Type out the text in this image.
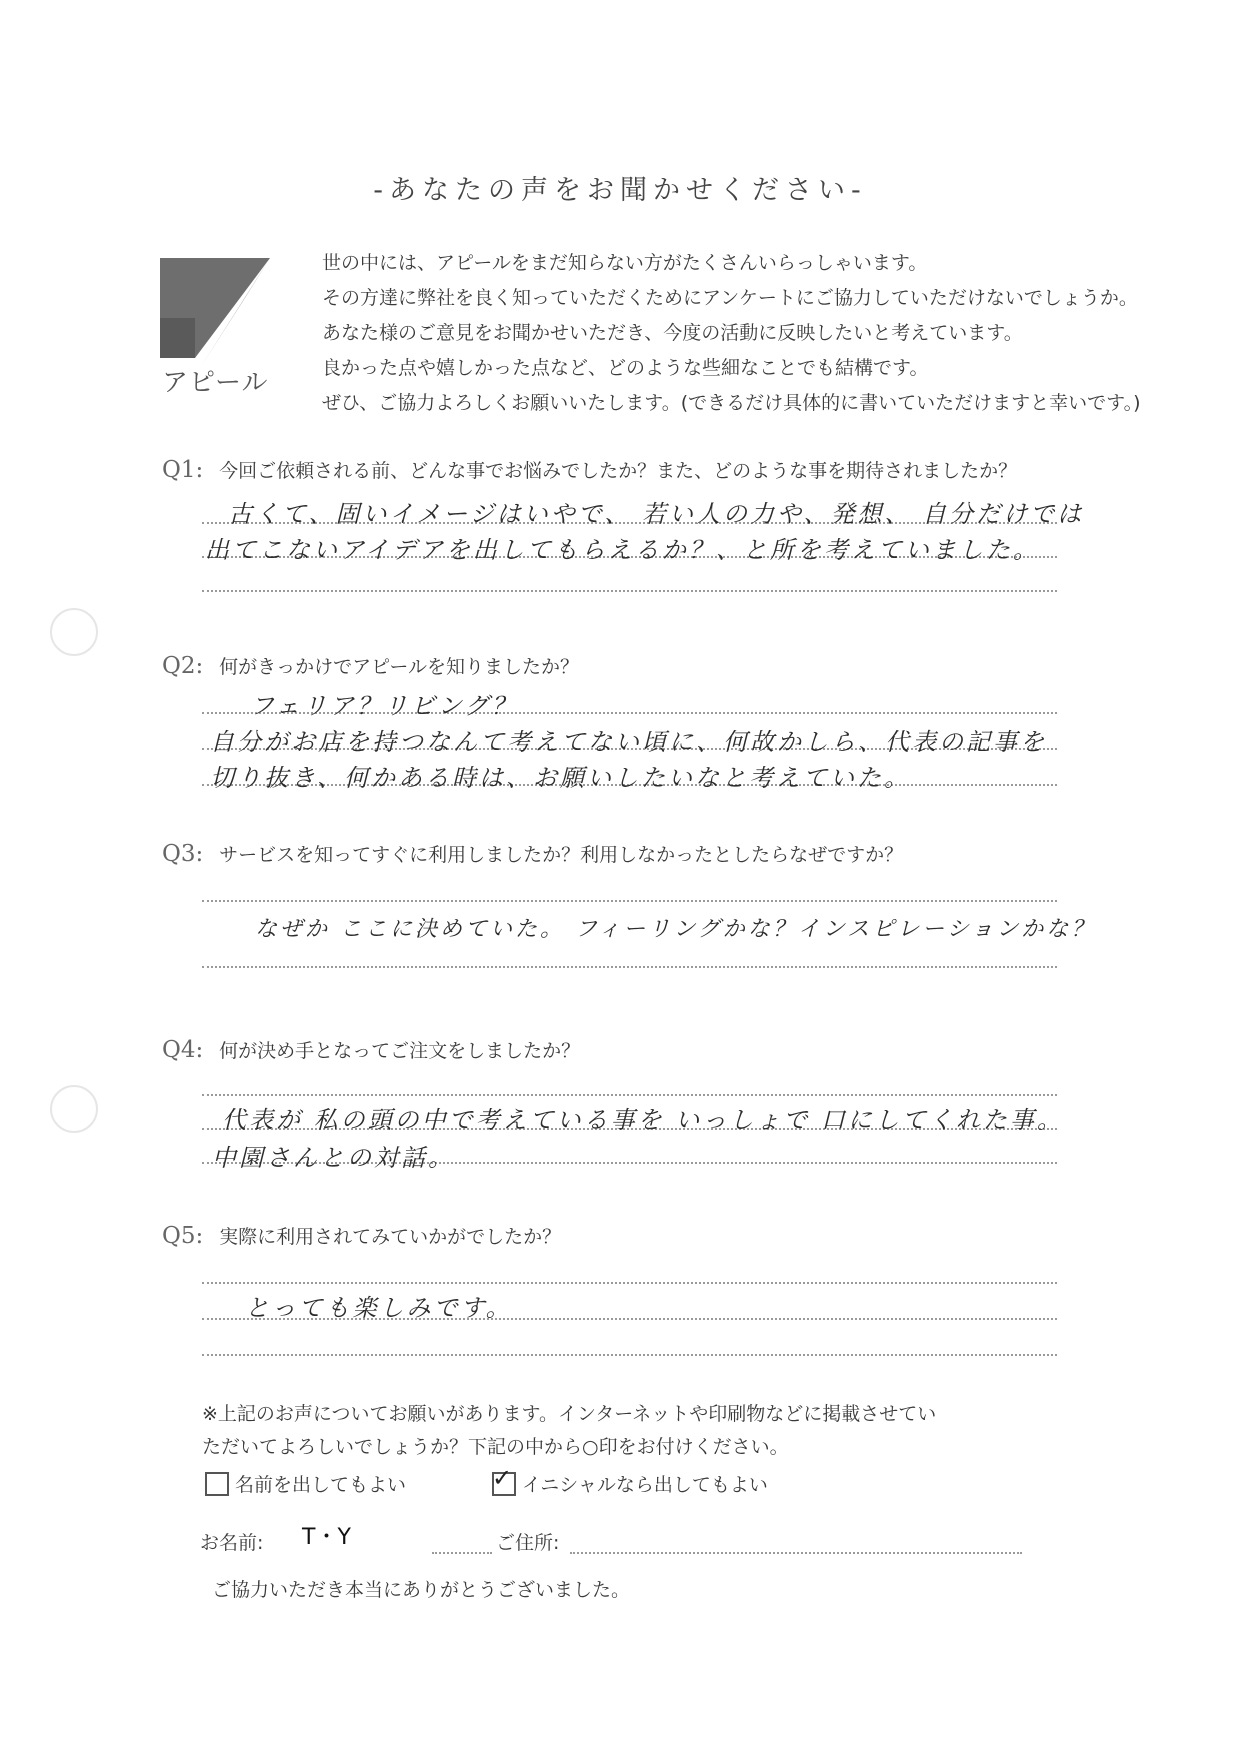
-あなたの声をお聞かせください-
アピール
世の中には、アピールをまだ知らない方がたくさんいらっしゃいます。
その方達に弊社を良く知っていただくためにアンケートにご協力していただけないでしょうか。
あなた様のご意見をお聞かせいただき、今度の活動に反映したいと考えています。
良かった点や嬉しかった点など、どのような些細なことでも結構です。
ぜひ、ご協力よろしくお願いいたします。(できるだけ具体的に書いていただけますと幸いです。)
Q1: 今回ご依頼される前、どんな事でお悩みでしたか？また、どのような事を期待されましたか？
古くて、固いイメージはいやで、 若い人の力や、発想、 自分だけでは
出てこないアイデアを出してもらえるか？、と所を考えていました。
Q2: 何がきっかけでアピールを知りましたか？
フェリア？リビング？
自分がお店を持つなんて考えてない頃に、何故かしら、代表の記事を
切り抜き、何かある時は、お願いしたいなと考えていた。
Q3: サービスを知ってすぐに利用しましたか？利用しなかったとしたらなぜですか？
なぜか ここに決めていた。 フィーリングかな？インスピレーションかな？
Q4: 何が決め手となってご注文をしましたか？
代表が 私の頭の中で考えている事を いっしょで 口にしてくれた事。
中園さんとの対話。
Q5: 実際に利用されてみていかがでしたか？
とっても楽しみです。
※上記のお声についてお願いがあります。インターネットや印刷物などに掲載させてい
ただいてよろしいでしょうか？下記の中から○印をお付けください。
名前を出してもよい	✓ イニシャルなら出してもよい
お名前: T・Y	ご住所:
ご協力いただき本当にありがとうございました。
